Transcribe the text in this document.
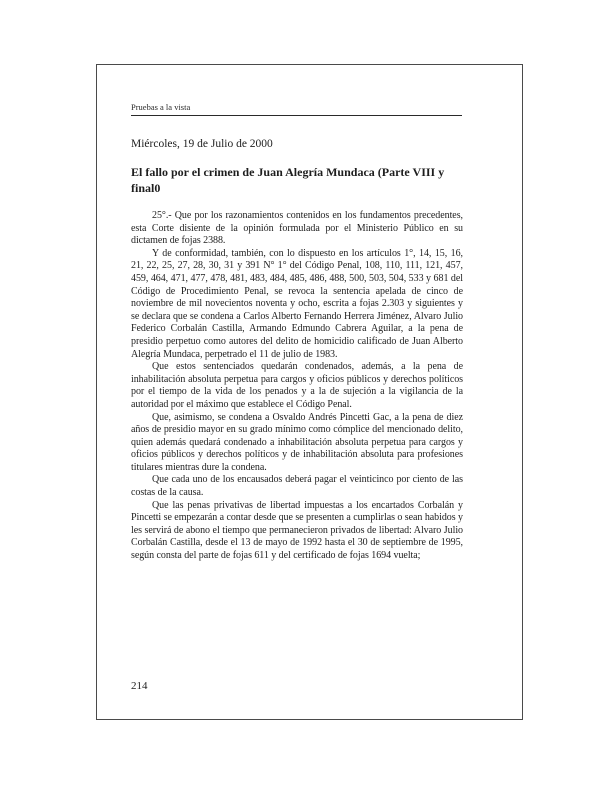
Pruebas a la vista
Miércoles, 19 de Julio de 2000
El fallo por el crimen de Juan Alegría Mundaca (Parte VIII y final0

25°.- Que por los razonamientos contenidos en los fundamentos precedentes, esta Corte disiente de la opinión formulada por el Ministerio Público en su dictamen de fojas 2388.

Y de conformidad, también, con lo dispuesto en los artículos 1°, 14, 15, 16, 21, 22, 25, 27, 28, 30, 31 y 391 N° 1° del Código Penal, 108, 110, 111, 121, 457, 459, 464, 471, 477, 478, 481, 483, 484, 485, 486, 488, 500, 503, 504, 533 y 681 del Código de Procedimiento Penal, se revoca la sentencia apelada de cinco de noviembre de mil novecientos noventa y ocho, escrita a fojas 2.303 y siguientes y se declara que se condena a Carlos Alberto Fernando Herrera Jiménez, Alvaro Julio Federico Corbalán Castilla, Armando Edmundo Cabrera Aguilar, a la pena de presidio perpetuo como autores del delito de homicidio calificado de Juan Alberto Alegría Mundaca, perpetrado el 11 de julio de 1983.

Que estos sentenciados quedarán condenados, además, a la pena de inhabilitación absoluta perpetua para cargos y oficios públicos y derechos políticos por el tiempo de la vida de los penados y a la de sujeción a la vigilancia de la autoridad por el máximo que establece el Código Penal.

Que, asimismo, se condena a Osvaldo Andrés Pincetti Gac, a la pena de diez años de presidio mayor en su grado mínimo como cómplice del mencionado delito, quien además quedará condenado a inhabilitación absoluta perpetua para cargos y oficios públicos y derechos políticos y de inhabilitación absoluta para profesiones titulares mientras dure la condena.

Que cada uno de los encausados deberá pagar el veinticinco por ciento de las costas de la causa.

Que las penas privativas de libertad impuestas a los encartados Corbalán y Pincetti se empezarán a contar desde que se presenten a cumplirlas o sean habidos y les servirá de abono el tiempo que permanecieron privados de libertad: Alvaro Julio Corbalán Castilla, desde el 13 de mayo de 1992 hasta el 30 de septiembre de 1995, según consta del parte de fojas 611 y del certificado de fojas 1694 vuelta;

214
